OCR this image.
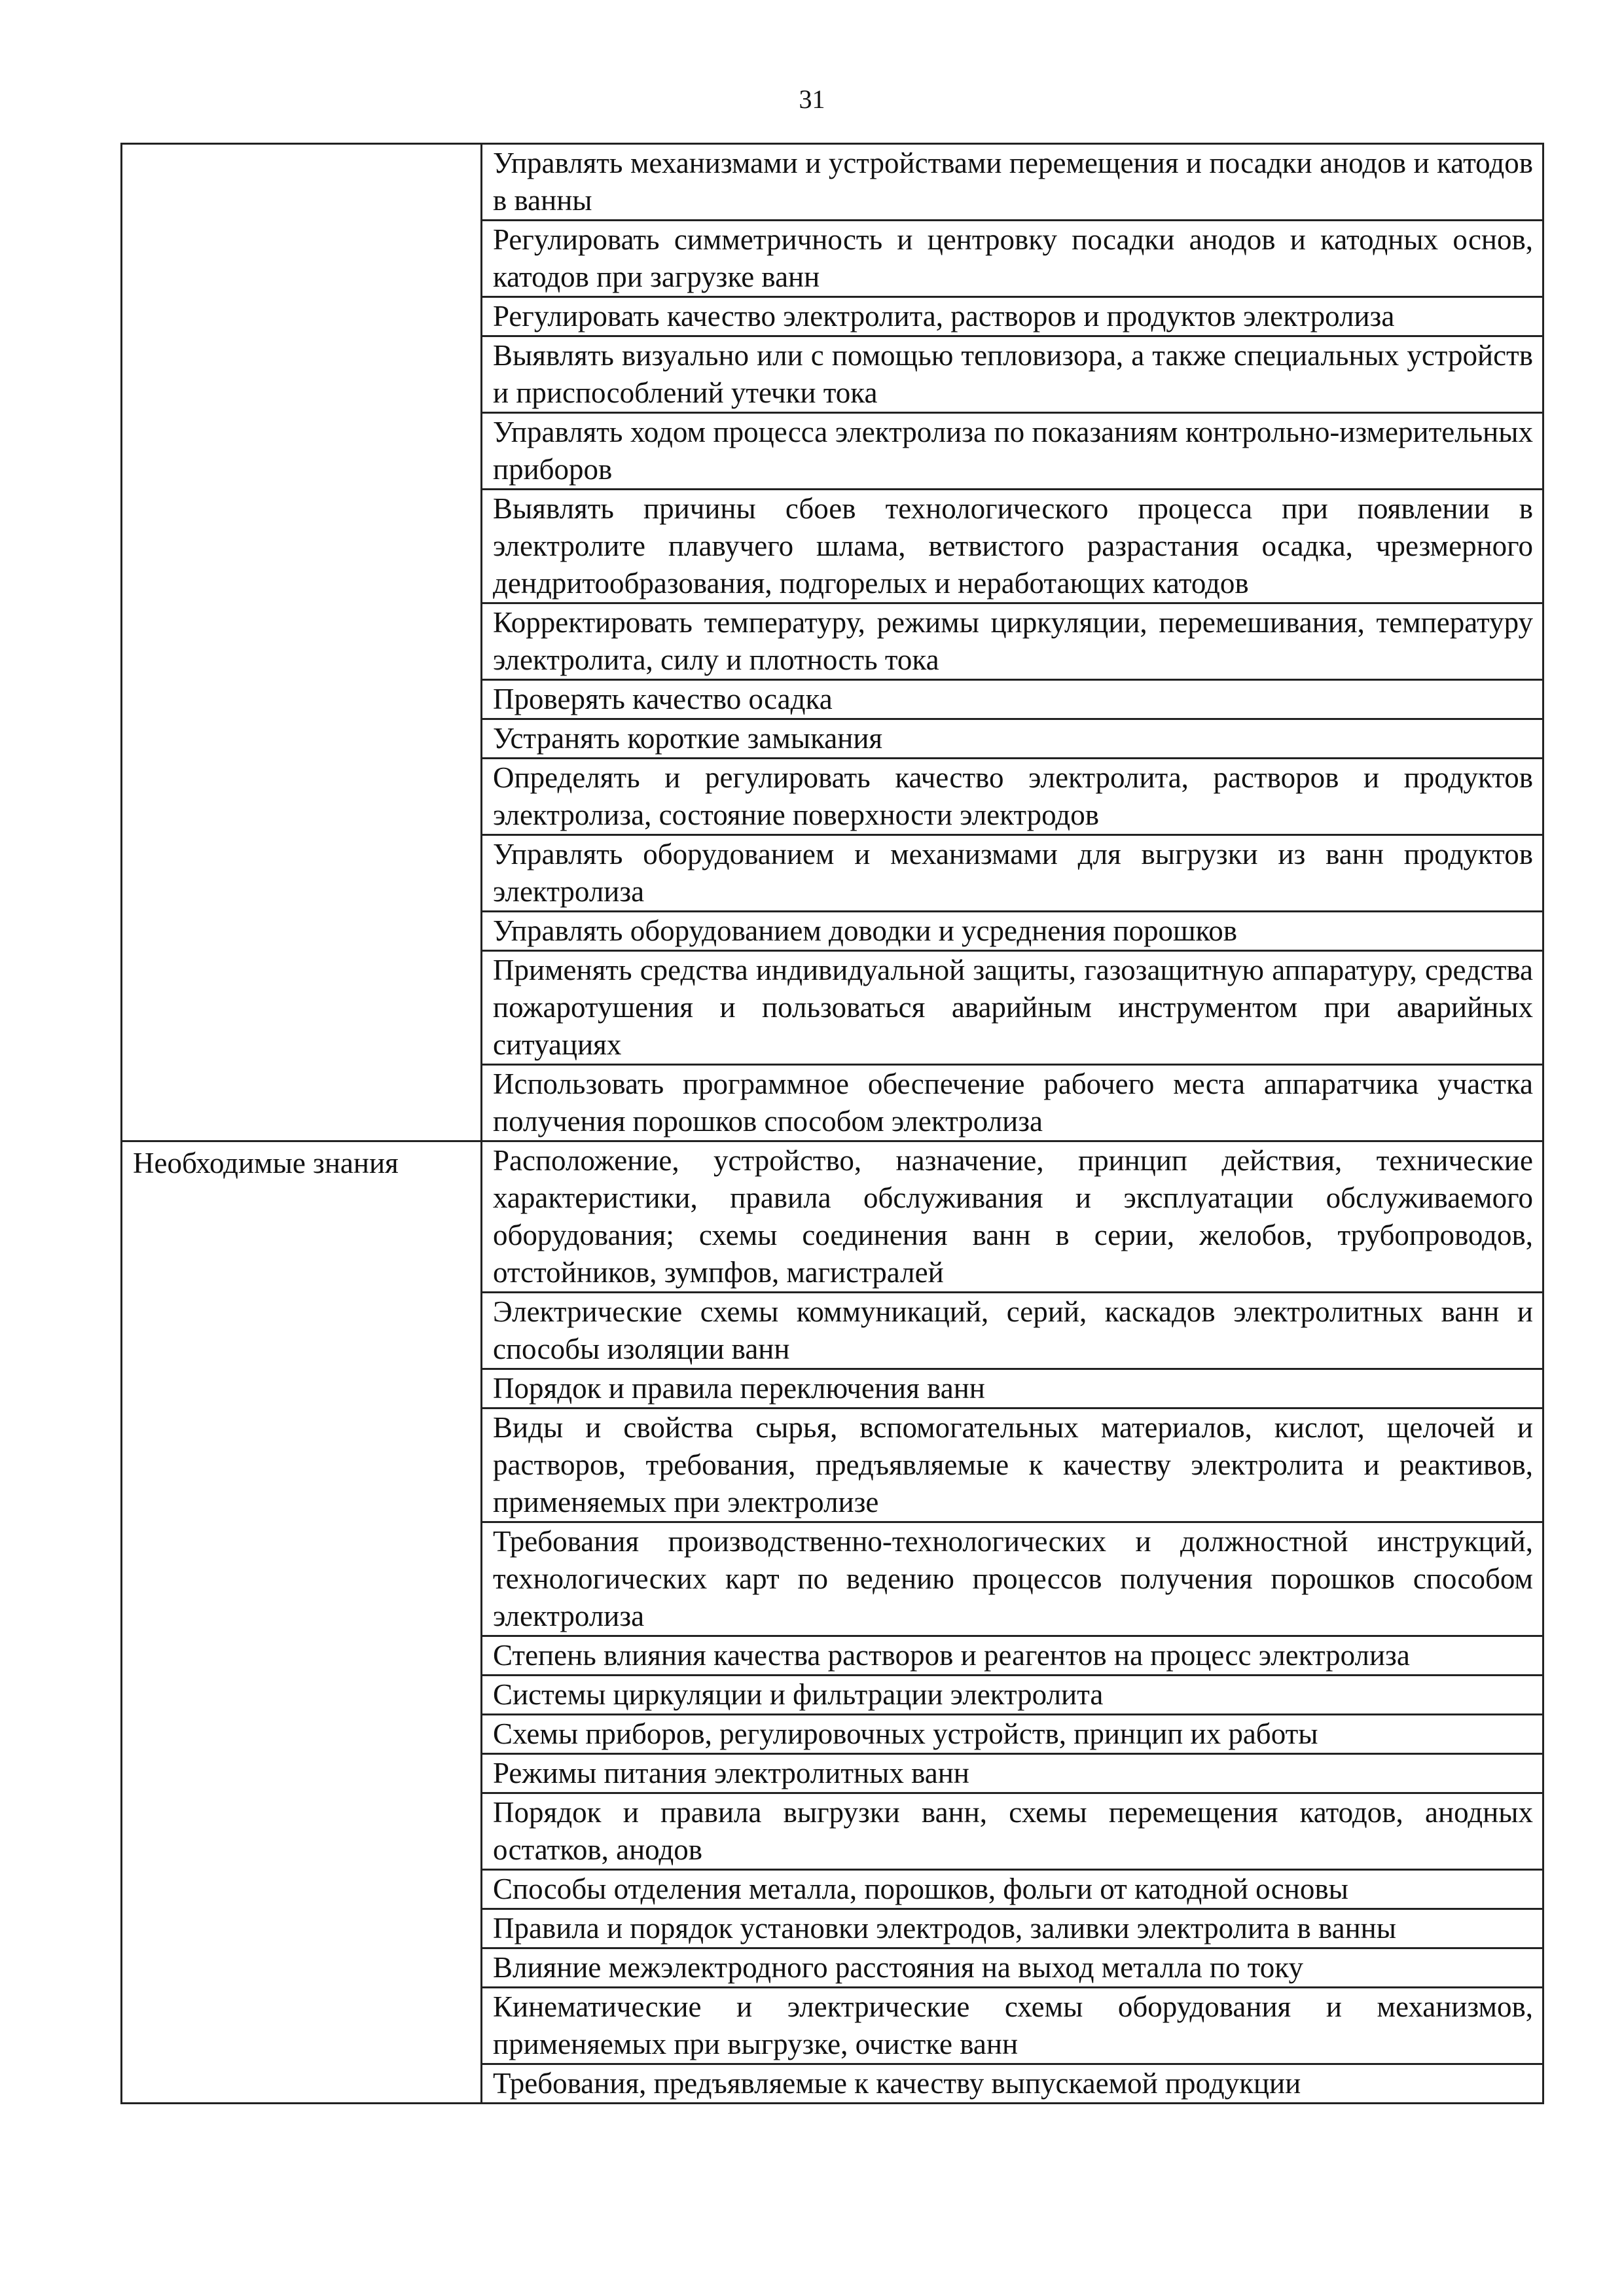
31
	Управлять механизмами и устройствами перемещения и посадки анодов и катодов в ванны
	Регулировать симметричность и центровку посадки анодов и катодных основ, катодов при загрузке ванн
	Регулировать качество электролита, растворов и продуктов электролиза
	Выявлять визуально или с помощью тепловизора, а также специальных устройств и приспособлений утечки тока
	Управлять ходом процесса электролиза по показаниям контрольно-измерительных приборов
	Выявлять причины сбоев технологического процесса при появлении в электролите плавучего шлама, ветвистого разрастания осадка, чрезмерного дендритообразования, подгорелых и неработающих катодов
	Корректировать температуру, режимы циркуляции, перемешивания, температуру электролита, силу и плотность тока
	Проверять качество осадка
	Устранять короткие замыкания
	Определять и регулировать качество электролита, растворов и продуктов электролиза, состояние поверхности электродов
	Управлять оборудованием и механизмами для выгрузки из ванн продуктов электролиза
	Управлять оборудованием доводки и усреднения порошков
	Применять средства индивидуальной защиты, газозащитную аппаратуру, средства пожаротушения и пользоваться аварийным инструментом при аварийных ситуациях
	Использовать программное обеспечение рабочего места аппаратчика участка получения порошков способом электролиза

Необходимые знания	Расположение, устройство, назначение, принцип действия, технические характеристики, правила обслуживания и эксплуатации обслуживаемого оборудования; схемы соединения ванн в серии, желобов, трубопроводов, отстойников, зумпфов, магистралей
	Электрические схемы коммуникаций, серий, каскадов электролитных ванн и способы изоляции ванн
	Порядок и правила переключения ванн
	Виды и свойства сырья, вспомогательных материалов, кислот, щелочей и растворов, требования, предъявляемые к качеству электролита и реактивов, применяемых при электролизе
	Требования производственно-технологических и должностной инструкций, технологических карт по ведению процессов получения порошков способом электролиза
	Степень влияния качества растворов и реагентов на процесс электролиза
	Системы циркуляции и фильтрации электролита
	Схемы приборов, регулировочных устройств, принцип их работы
	Режимы питания электролитных ванн
	Порядок и правила выгрузки ванн, схемы перемещения катодов, анодных остатков, анодов
	Способы отделения металла, порошков, фольги от катодной основы
	Правила и порядок установки электродов, заливки электролита в ванны
	Влияние межэлектродного расстояния на выход металла по току
	Кинематические и электрические схемы оборудования и механизмов, применяемых при выгрузке, очистке ванн
	Требования, предъявляемые к качеству выпускаемой продукции
